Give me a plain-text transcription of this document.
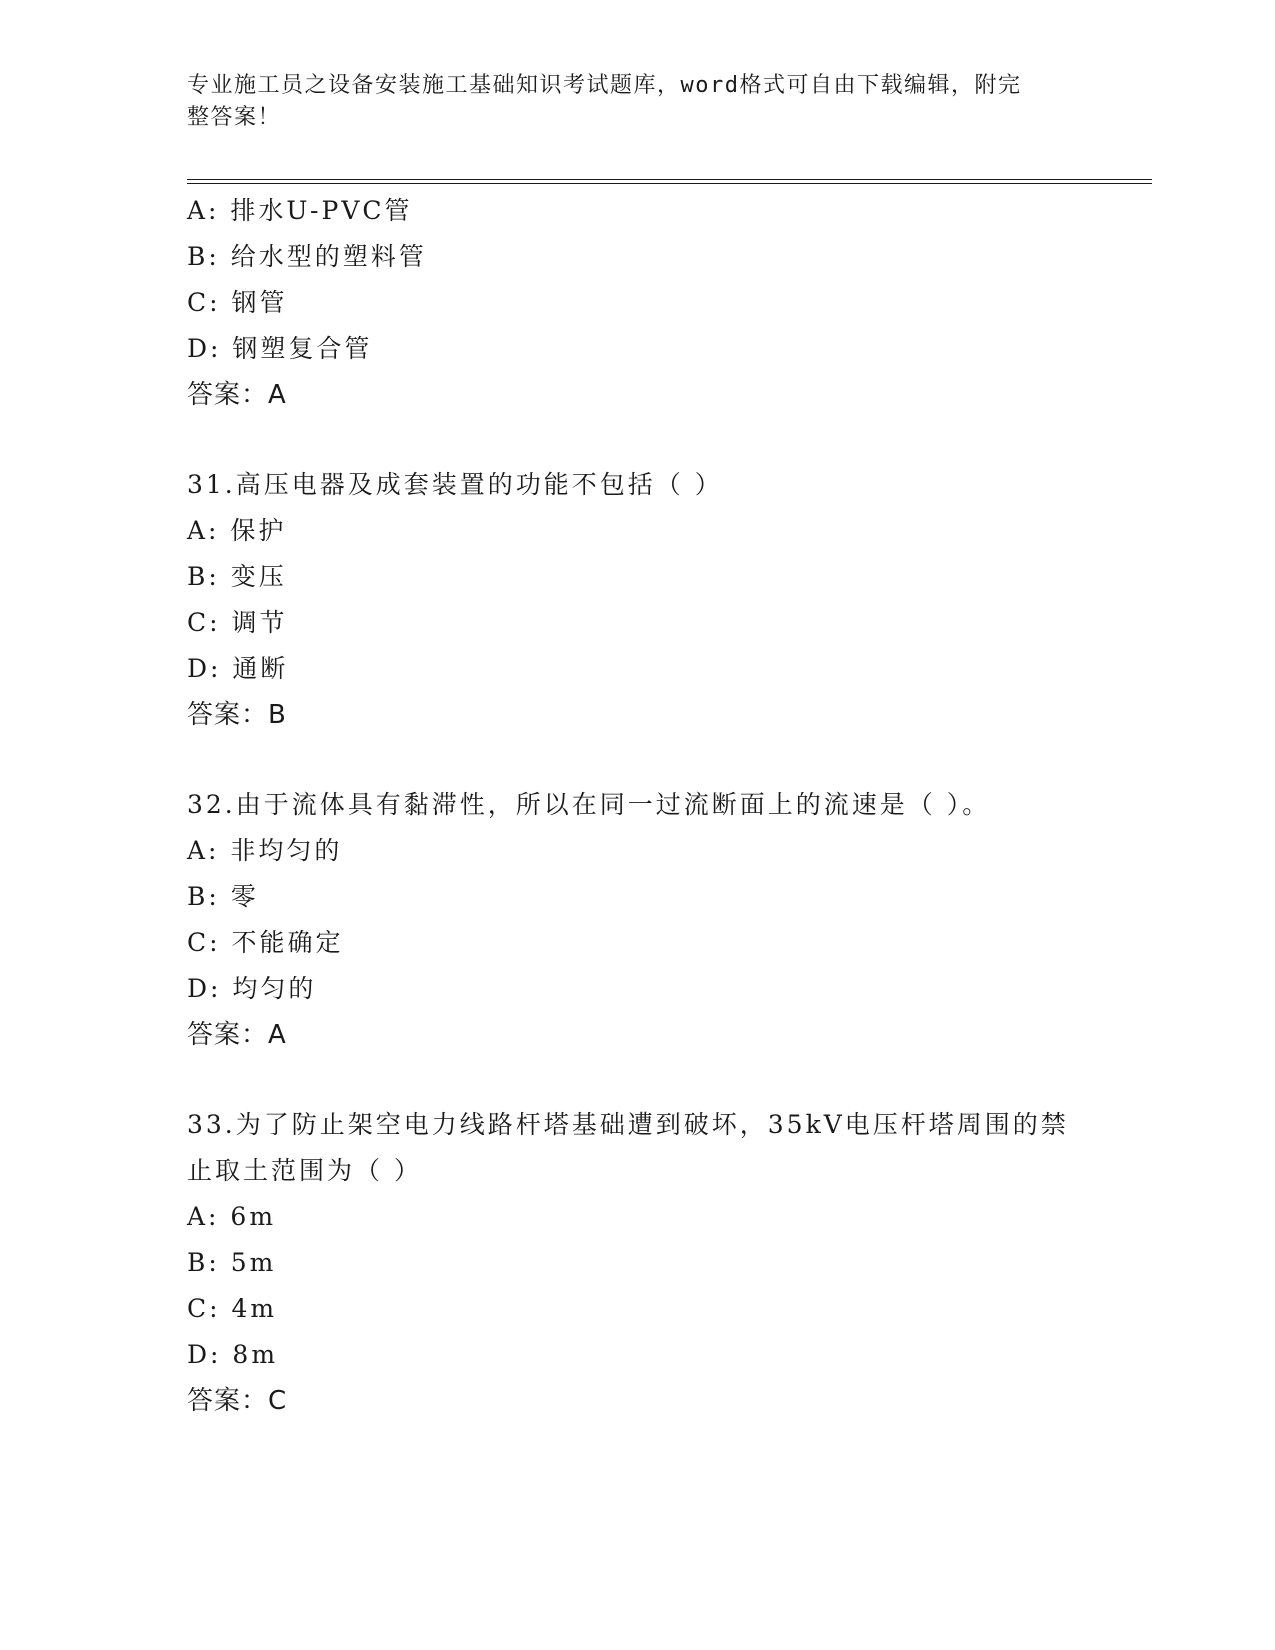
专业施工员之设备安装施工基础知识考试题库，word格式可自由下载编辑，附完
整答案！
A: 排水U-PVC管
B: 给水型的塑料管
C: 钢管
D: 钢塑复合管
答案：A
31.高压电器及成套装置的功能不包括（ ）
A: 保护
B: 变压
C: 调节
D: 通断
答案：B
32.由于流体具有黏滞性，所以在同一过流断面上的流速是（ ）。
A: 非均匀的
B: 零
C: 不能确定
D: 均匀的
答案：A
33.为了防止架空电力线路杆塔基础遭到破坏，35kV电压杆塔周围的禁
止取土范围为（ ）
A: 6m
B: 5m
C: 4m
D: 8m
答案：C
